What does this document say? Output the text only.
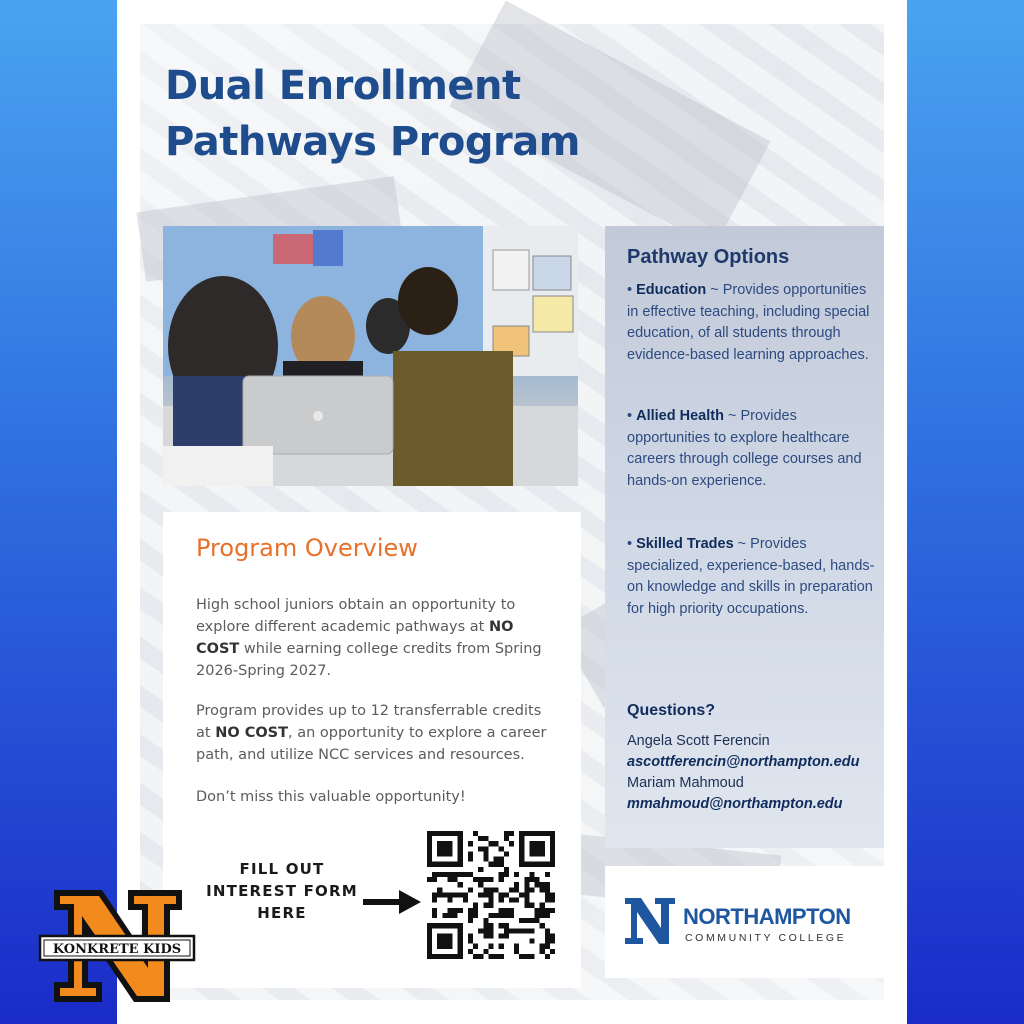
Dual Enrollment
Pathways Program
Program Overview

High school juniors obtain an opportunity to explore different academic pathways at NO COST while earning college credits from Spring 2026-Spring 2027.

Program provides up to 12 transferrable credits at NO COST, an opportunity to explore a career path, and utilize NCC services and resources.

Don’t miss this valuable opportunity!

FILL OUT
INTEREST FORM
HERE
Pathway Options

• Education ~ Provides opportunities in effective teaching, including special education, of all students through evidence-based learning approaches.

• Allied Health ~ Provides opportunities to explore healthcare careers through college courses and hands-on experience.

• Skilled Trades ~ Provides specialized, experience-based, hands-on knowledge and skills in preparation for high priority occupations.

Questions?

Angela Scott Ferencin

ascottferencin@northampton.edu

Mariam Mahmoud

mmahmoud@northampton.edu

NORTHAMPTON

COMMUNITY COLLEGE

KONKRETE KIDS
